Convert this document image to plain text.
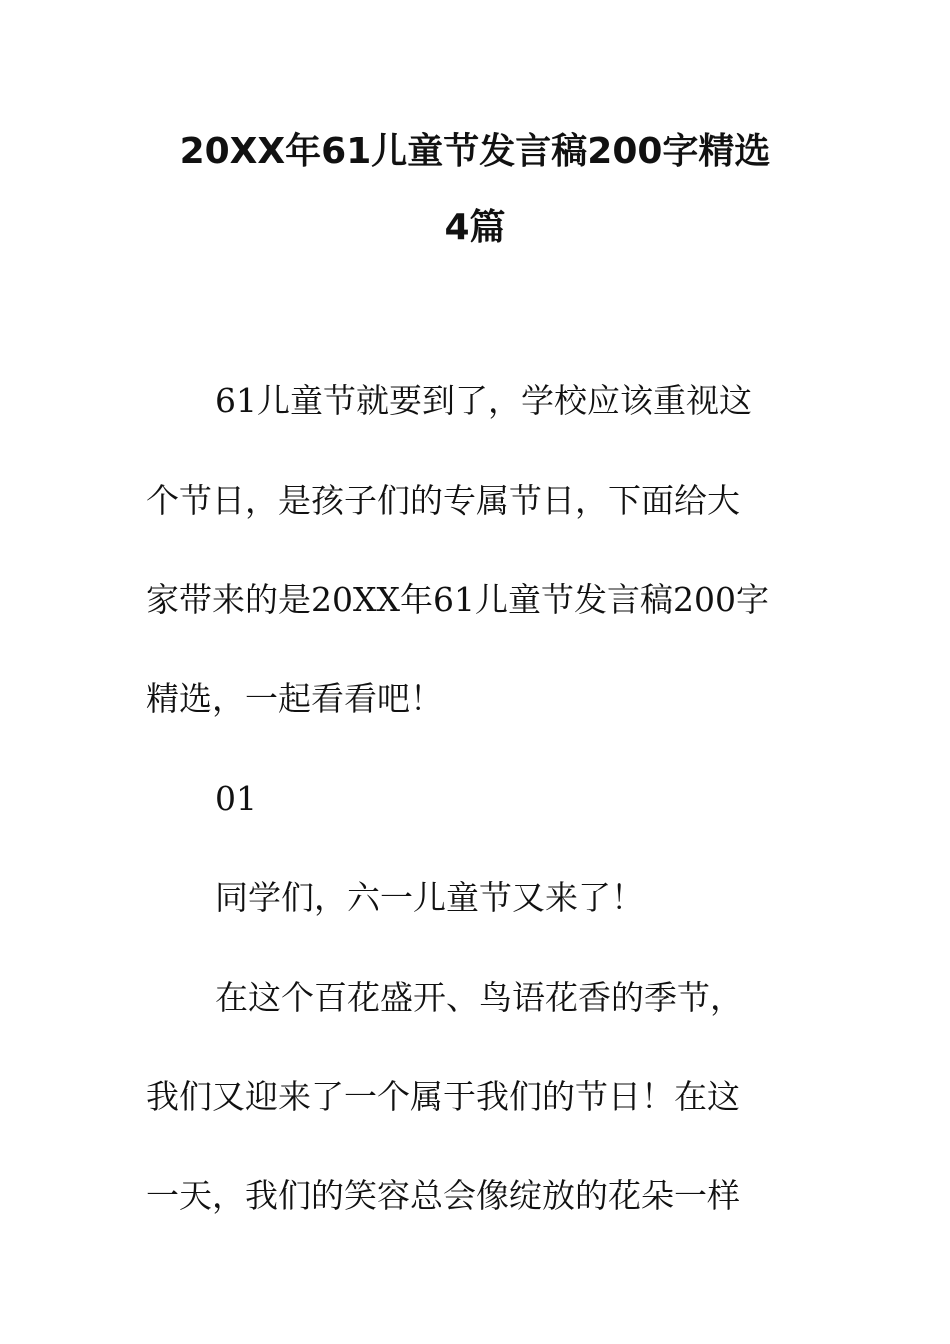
20XX年61儿童节发言稿200字精选
4篇
61儿童节就要到了，学校应该重视这
个节日，是孩子们的专属节日，下面给大
家带来的是20XX年61儿童节发言稿200字
精选，一起看看吧！
01
同学们，六一儿童节又来了！
在这个百花盛开、鸟语花香的季节，
我们又迎来了一个属于我们的节日！在这
一天，我们的笑容总会像绽放的花朵一样
